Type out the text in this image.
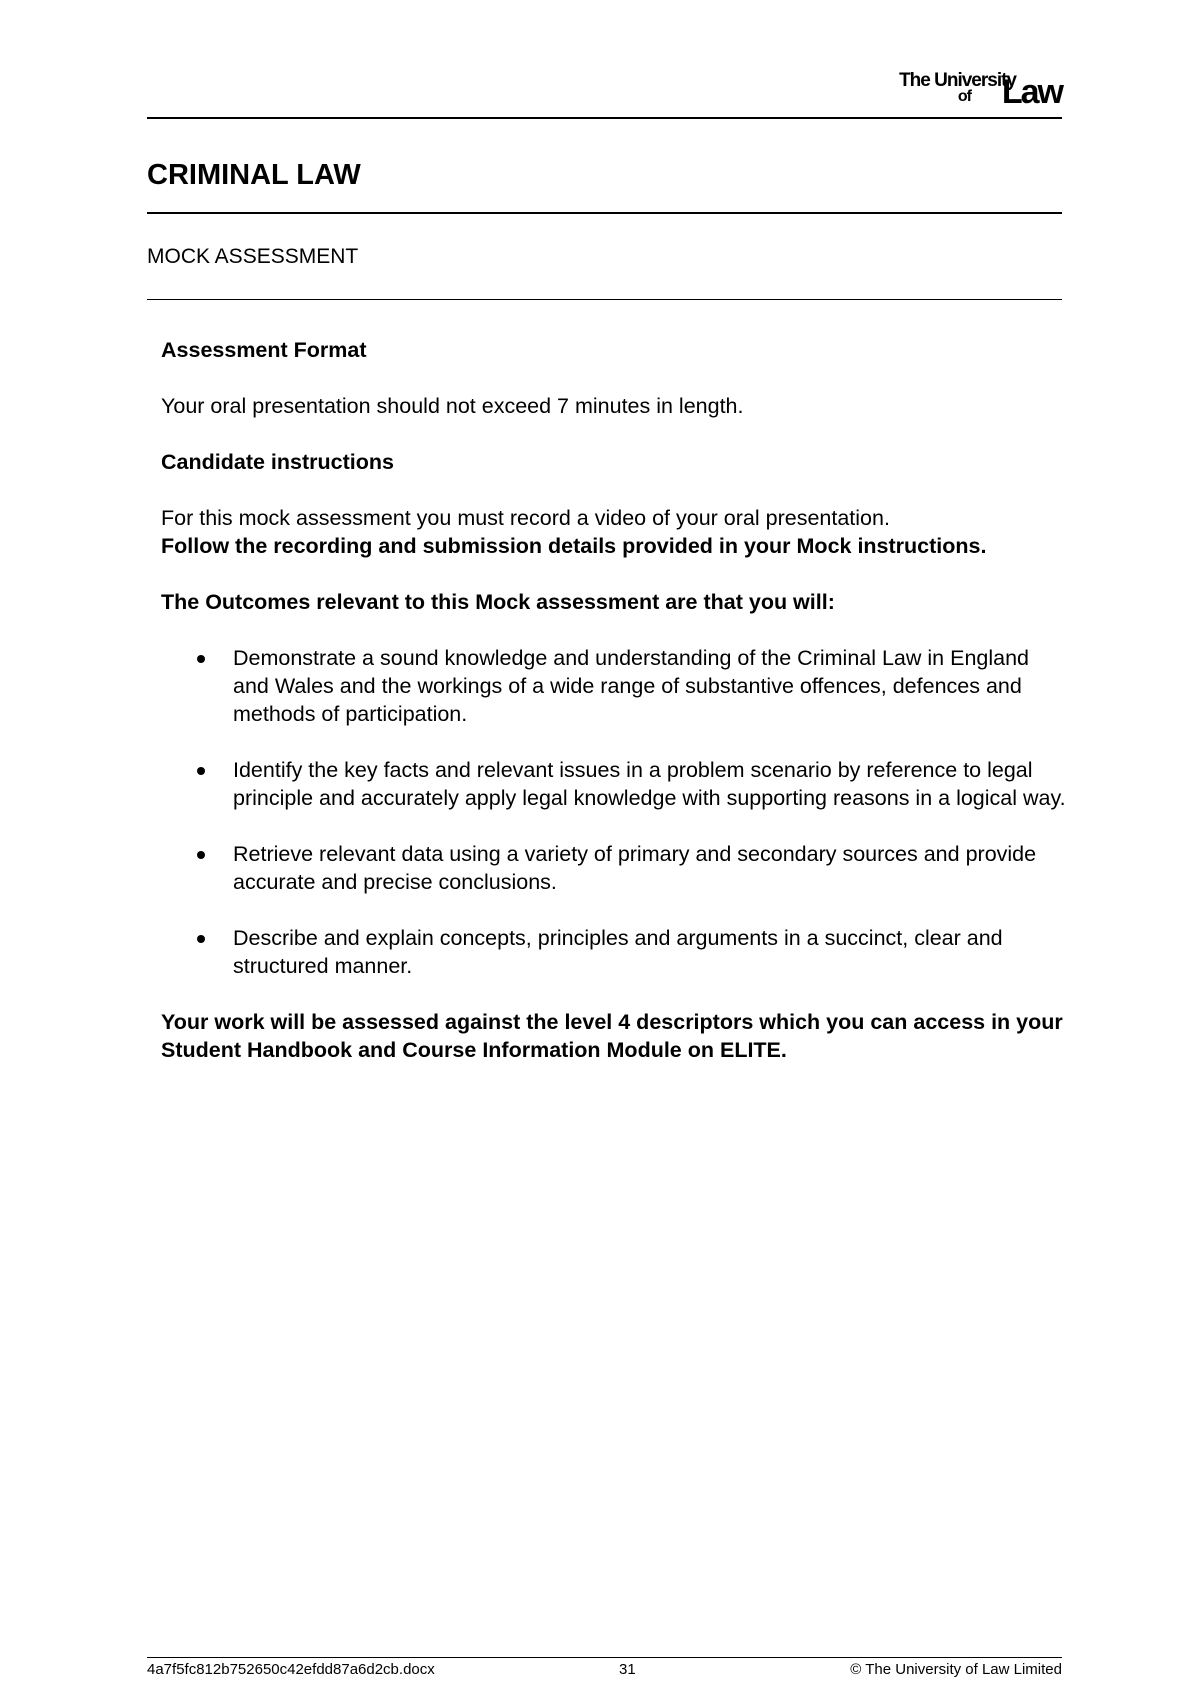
The University
of Law
CRIMINAL LAW
MOCK ASSESSMENT
Assessment Format

Your oral presentation should not exceed 7 minutes in length.

Candidate instructions

For this mock assessment you must record a video of your oral presentation.

Follow the recording and submission details provided in your Mock instructions.

The Outcomes relevant to this Mock assessment are that you will:

Demonstrate a sound knowledge and understanding of the Criminal Law in England and Wales and the workings of a wide range of substantive offences, defences and methods of participation.
Identify the key facts and relevant issues in a problem scenario by reference to legal principle and accurately apply legal knowledge with supporting reasons in a logical way.
Retrieve relevant data using a variety of primary and secondary sources and provide accurate and precise conclusions.
Describe and explain concepts, principles and arguments in a succinct, clear and structured manner.

Your work will be assessed against the level 4 descriptors which you can access in your Student Handbook and Course Information Module on ELITE.

4a7f5fc812b752650c42efdd87a6d2cb.docx	31	© The University of Law Limited
